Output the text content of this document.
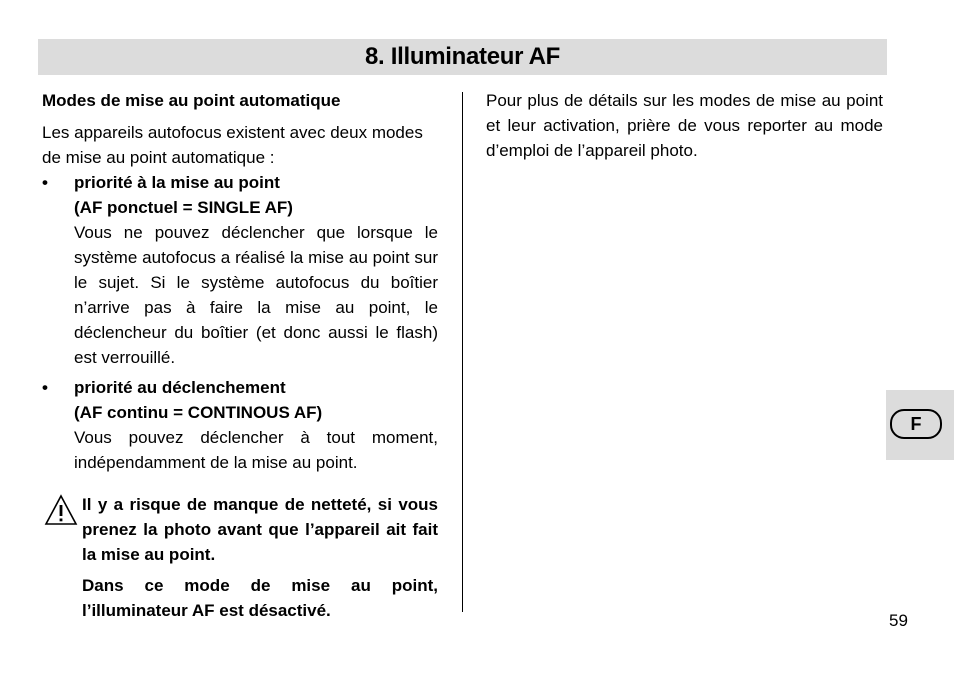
8. Illuminateur AF

Modes de mise au point automatique

Les appareils autofocus existent avec deux modes de mise au point automatique :

• priorité à la mise au point

(AF ponctuel = SINGLE AF)

Vous ne pouvez déclencher que lorsque le système autofocus a réalisé la mise au point sur le sujet. Si le système autofocus du boîtier n’arrive pas à faire la mise au point, le déclencheur du boîtier (et donc aussi le flash) est verrouillé.

• priorité au déclenchement

(AF continu = CONTINOUS AF)

Vous pouvez déclencher à tout moment, indépendamment de la mise au point.

Il y a risque de manque de netteté, si vous prenez la photo avant que l’appareil ait fait la mise au point.

Dans ce mode de mise au point, l’illuminateur AF est désactivé.

Pour plus de détails sur les modes de mise au point et leur activation, prière de vous reporter au mode d’emploi de l’appareil photo.

F
59
